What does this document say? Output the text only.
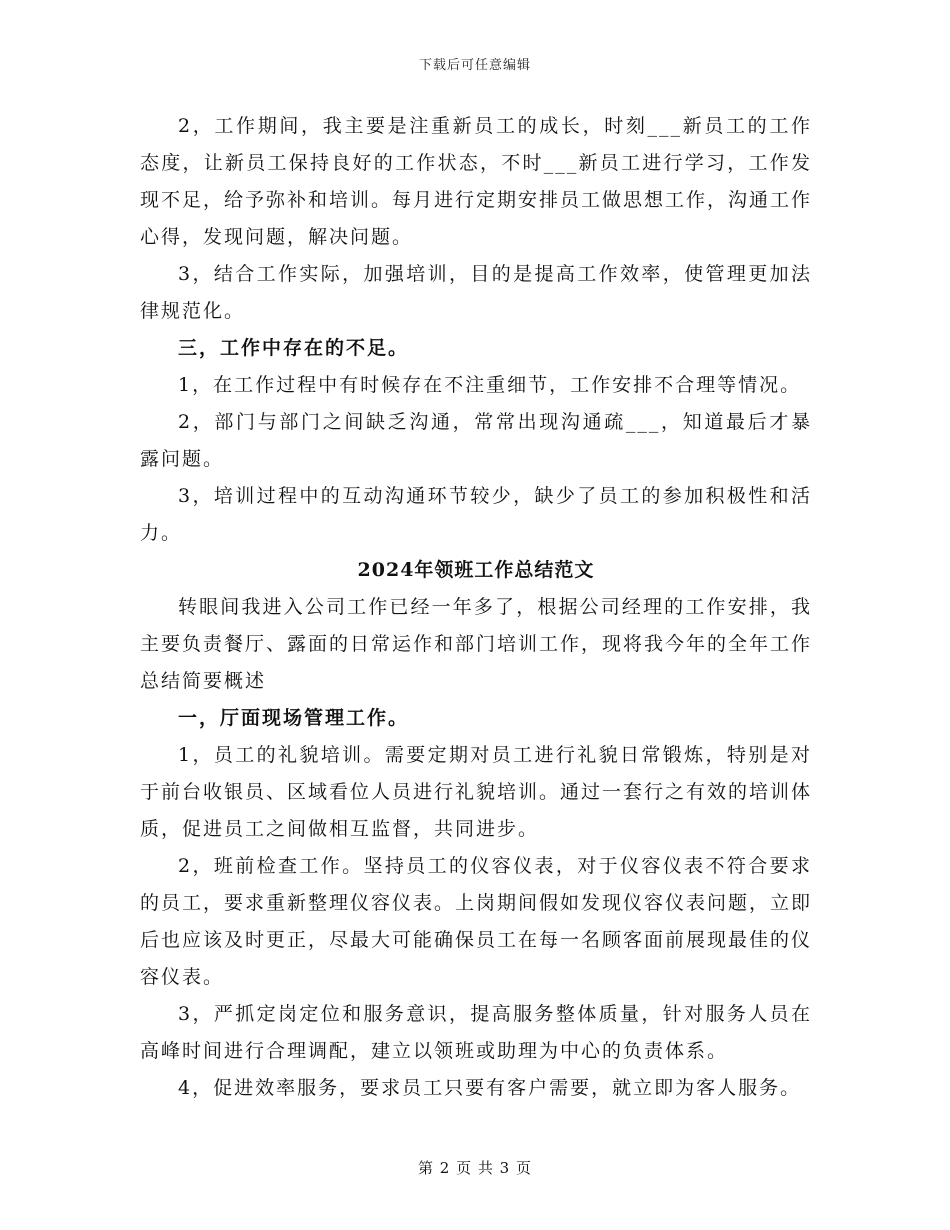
下载后可任意编辑

2，工作期间，我主要是注重新员工的成长，时刻___新员工的工作态度，让新员工保持良好的工作状态，不时___新员工进行学习，工作发现不足，给予弥补和培训。每月进行定期安排员工做思想工作，沟通工作心得，发现问题，解决问题。

3，结合工作实际，加强培训，目的是提高工作效率，使管理更加法律规范化。

三，工作中存在的不足。

1，在工作过程中有时候存在不注重细节，工作安排不合理等情况。

2，部门与部门之间缺乏沟通，常常出现沟通疏___，知道最后才暴露问题。

3，培训过程中的互动沟通环节较少，缺少了员工的参加积极性和活力。

2024年领班工作总结范文

转眼间我进入公司工作已经一年多了，根据公司经理的工作安排，我主要负责餐厅、露面的日常运作和部门培训工作，现将我今年的全年工作总结简要概述

一，厅面现场管理工作。

1，员工的礼貌培训。需要定期对员工进行礼貌日常锻炼，特别是对于前台收银员、区域看位人员进行礼貌培训。通过一套行之有效的培训体质，促进员工之间做相互监督，共同进步。

2，班前检查工作。坚持员工的仪容仪表，对于仪容仪表不符合要求的员工，要求重新整理仪容仪表。上岗期间假如发现仪容仪表问题，立即后也应该及时更正，尽最大可能确保员工在每一名顾客面前展现最佳的仪容仪表。

3，严抓定岗定位和服务意识，提高服务整体质量，针对服务人员在高峰时间进行合理调配，建立以领班或助理为中心的负责体系。

4，促进效率服务，要求员工只要有客户需要，就立即为客人服务。

第 2 页 共 3 页
